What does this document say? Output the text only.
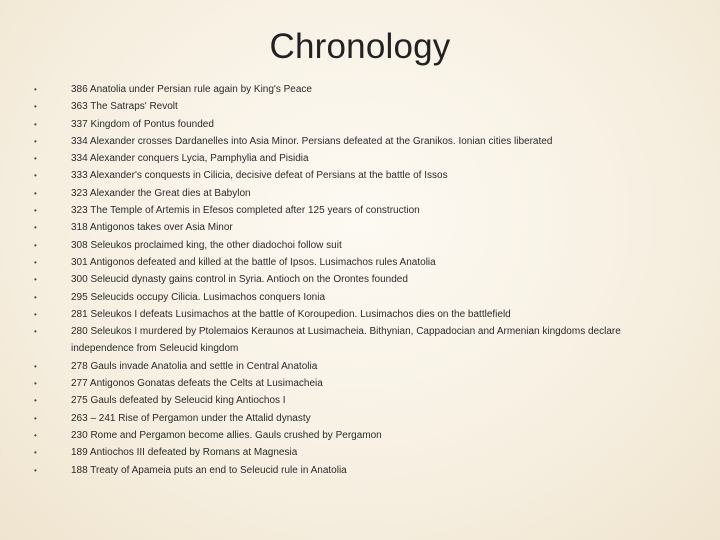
Chronology
•	386 Anatolia under Persian rule again by King's Peace
•	363 The Satraps' Revolt
•	337 Kingdom of Pontus founded
•	334 Alexander crosses Dardanelles into Asia Minor. Persians defeated at the Granikos. Ionian cities liberated
•	334 Alexander conquers Lycia, Pamphylia and Pisidia
•	333 Alexander's conquests in Cilicia, decisive defeat of Persians at the battle of Issos
•	323 Alexander the Great dies at Babylon
•	323 The Temple of Artemis in Efesos completed after 125 years of construction
•	318 Antigonos takes over Asia Minor
•	308 Seleukos proclaimed king, the other diadochoi follow suit
•	301 Antigonos defeated and killed at the battle of Ipsos. Lusimachos rules Anatolia
•	300 Seleucid dynasty gains control in Syria. Antioch on the Orontes founded
•	295 Seleucids occupy Cilicia. Lusimachos conquers Ionia
•	281 Seleukos I defeats Lusimachos at the battle of Koroupedion. Lusimachos dies on the battlefield
•	280 Seleukos I murdered by Ptolemaios Keraunos at Lusimacheia. Bithynian, Cappadocian and Armenian kingdoms declare independence from Seleucid kingdom
•	278 Gauls invade Anatolia and settle in Central Anatolia
•	277 Antigonos Gonatas defeats the Celts at Lusimacheia
•	275 Gauls defeated by Seleucid king Antiochos I
•	263 – 241 Rise of Pergamon under the Attalid dynasty
•	230 Rome and Pergamon become allies. Gauls crushed by Pergamon
•	189 Antiochos III defeated by Romans at Magnesia
•	188 Treaty of Apameia puts an end to Seleucid rule in Anatolia
